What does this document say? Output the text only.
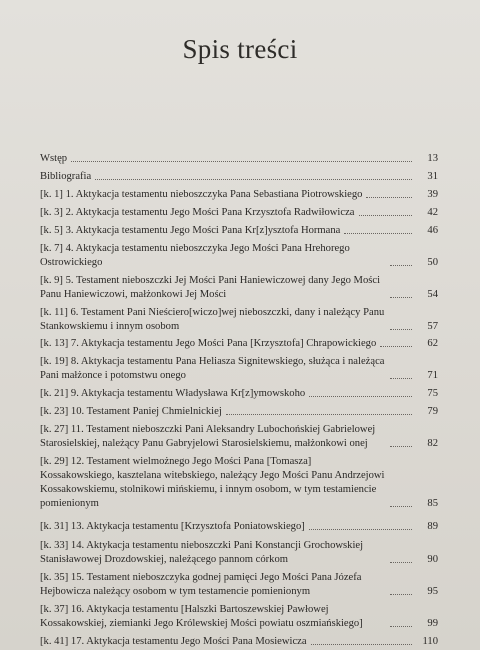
Spis treści
Wstęp	13
Bibliografia	31
[k. 1] 1. Aktykacja testamentu nieboszczyka Pana Sebastiana Piotrowskiego	39
[k. 3] 2. Aktykacja testamentu Jego Mości Pana Krzysztofa Radwiłowicza	42
[k. 5] 3. Aktykacja testamentu Jego Mości Pana Kr[z]ysztofa Hormana	46
[k. 7] 4. Aktykacja testamentu nieboszczyka Jego Mości Pana Hrehorego Ostrowickiego	50
[k. 9] 5. Testament nieboszczki Jej Mości Pani Haniewiczowej dany Jego Mości Panu Haniewiczowi, małżonkowi Jej Mości	54
[k. 11] 6. Testament Pani Nieściero[wiczo]wej nieboszczki, dany i należący Panu Stankowskiemu i innym osobom	57
[k. 13] 7. Aktykacja testamentu Jego Mości Pana [Krzysztofa] Chrapowickiego	62
[k. 19] 8. Aktykacja testamentu Pana Heliasza Signitewskiego, służąca i należąca Pani małżonce i potomstwu onego	71
[k. 21] 9. Aktykacja testamentu Władysława Kr[z]ymowskoho	75
[k. 23] 10. Testament Paniej Chmielnickiej	79
[k. 27] 11. Testament nieboszczki Pani Aleksandry Lubochońskiej Gabrielowej Starosielskiej, należący Panu Gabryjelowi Starosielskiemu, małżonkowi onej	82
[k. 29] 12. Testament wielmożnego Jego Mości Pana [Tomasza] Kossakowskiego, kasztelana witebskiego, należący Jego Mości Panu Andrzejowi Kossakowskiemu, stolnikowi mińskiemu, i innym osobom, w tym testamiencie pomienionym	85
[k. 31] 13. Aktykacja testamentu [Krzysztofa Poniatowskiego]	89
[k. 33] 14. Aktykacja testamentu nieboszczki Pani Konstancji Grochowskiej Stanisławowej Drozdowskiej, należącego pannom córkom	90
[k. 35] 15. Testament nieboszczyka godnej pamięci Jego Mości Pana Józefa Hejbowicza należący osobom w tym testamencie pomienionym	95
[k. 37] 16. Aktykacja testamentu [Halszki Bartoszewskiej Pawłowej Kossakowskiej, ziemianki Jego Królewskiej Mości powiatu oszmiańskiego]	99
[k. 41] 17. Aktykacja testamentu Jego Mości Pana Mosiewicza	110
